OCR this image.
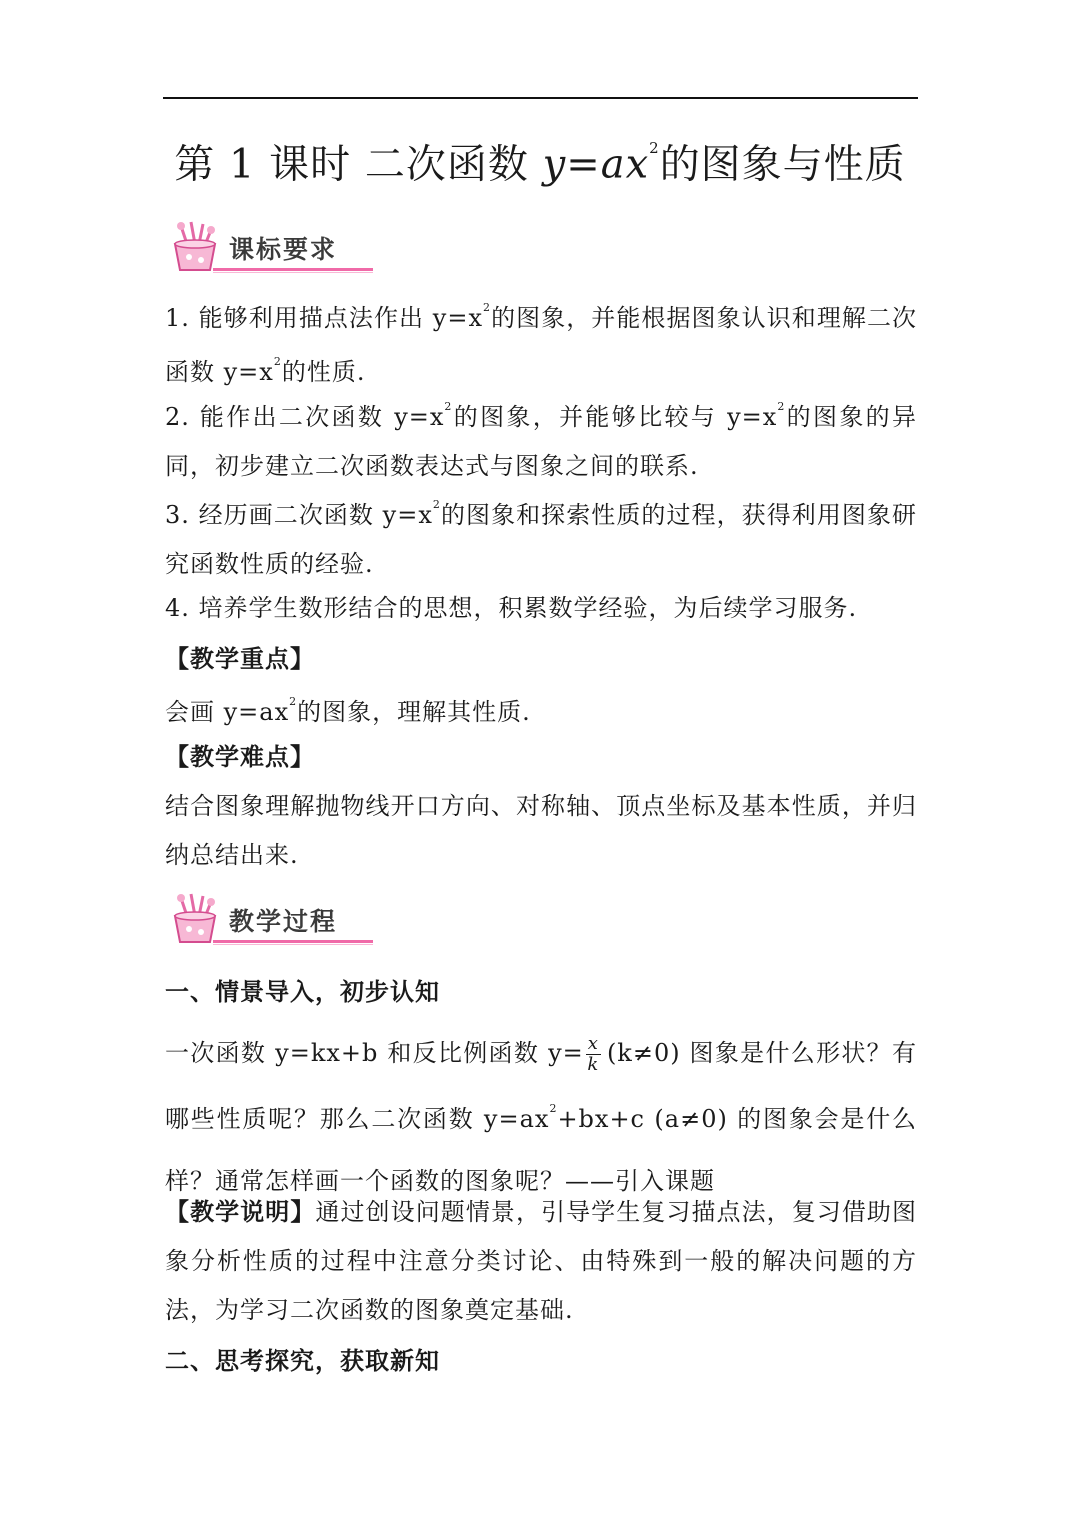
第 1 课时 二次函数 $y=ax^2$的图象与性质
课标要求
1. 能够利用描点法作出 $y=x^2$的图象，并能根据图象认识和理解二次函数 $y=x^2$的性质.
2. 能作出二次函数 $y=x^2$的图象，并能够比较与 $y=x^2$的图象的异同，初步建立二次函数表达式与图象之间的联系.
3. 经历画二次函数 $y=x^2$的图象和探索性质的过程，获得利用图象研究函数性质的经验.
4. 培养学生数形结合的思想，积累数学经验，为后续学习服务.
【教学重点】
会画 $y=ax^2$的图象，理解其性质.
【教学难点】
结合图象理解抛物线开口方向、对称轴、顶点坐标及基本性质，并归纳总结出来.
教学过程
一、情景导入，初步认知
一次函数 y=kx+b 和反比例函数 $y= \frac{x}{k} (k\ne 0)$ 图象是什么形状？有哪些性质呢？那么二次函数 $y=ax^2+bx+c$ (a≠0) 的图象会是什么样？通常怎样画一个函数的图象呢？——引入课题
【教学说明】通过创设问题情景，引导学生复习描点法，复习借助图象分析性质的过程中注意分类讨论、由特殊到一般的解决问题的方法，为学习二次函数的图象奠定基础.
二、思考探究，获取新知
